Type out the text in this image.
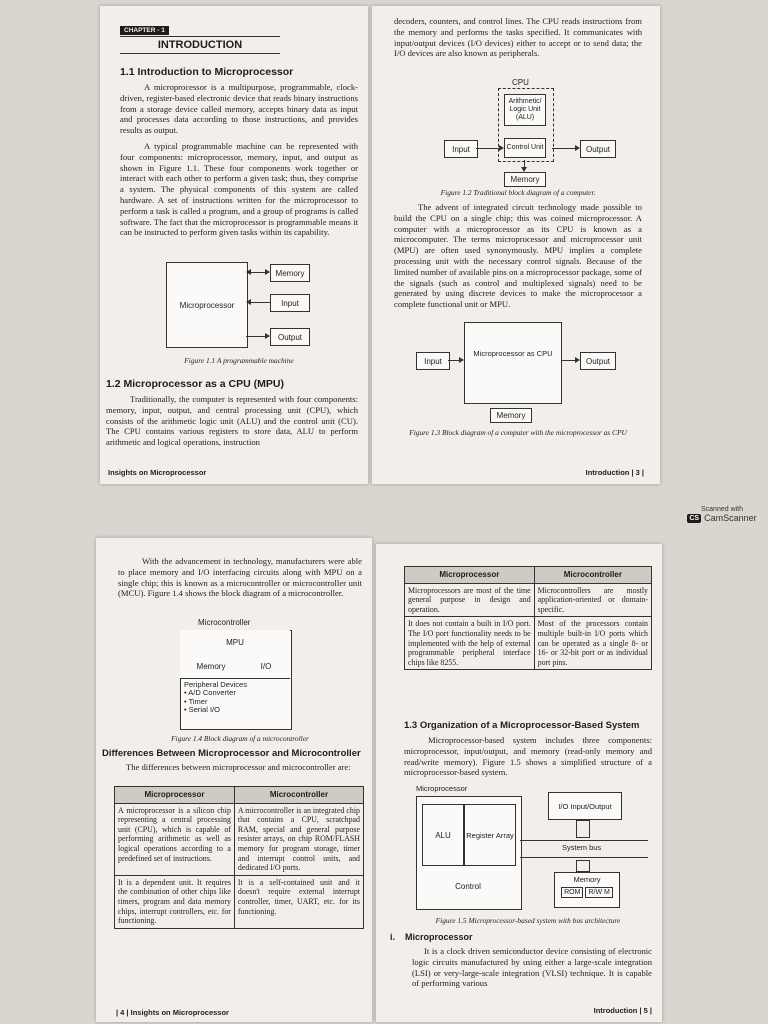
CHAPTER - 1
INTRODUCTION

1.1 Introduction to Microprocessor

A microprocessor is a multipurpose, programmable, clock-driven, register-based electronic device that reads binary instructions from a storage device called memory, accepts binary data as input and processes data according to those instructions, and provides results as output.

A typical programmable machine can be represented with four components: microprocessor, memory, input, and output as shown in Figure 1.1. These four components work together or interact with each other to perform a given task; thus, they comprise a system. The physical components of this system are called hardware. A set of instructions written for the microprocessor to perform a task is called a program, and a group of programs is called software. The fact that the microprocessor is programmable means it can be instructed to perform given tasks within its capability.

Microprocessor
Memory
Input
Output

Figure 1.1 A programmable machine

1.2 Microprocessor as a CPU (MPU)

Traditionally, the computer is represented with four components: memory, input, output, and central processing unit (CPU), which consists of the arithmetic logic unit (ALU) and the control unit (CU). The CPU contains various registers to store data, ALU to perform arithmetic and logical operations, instruction

Insights on Microprocessor

decoders, counters, and control lines. The CPU reads instructions from the memory and performs the tasks specified. It communicates with input/output devices (I/O devices) either to accept or to send data; the I/O devices are also known as peripherals.

CPU
Arithmetic/ Logic Unit (ALU)
Control Unit
Input	Output
Memory

Figure 1.2 Traditional block diagram of a computer.

The advent of integrated circuit technology made possible to build the CPU on a single chip; this was coined microprocessor. A computer with a microprocessor as its CPU is known as a microcomputer. The terms microprocessor and microprocessor unit (MPU) are often used synonymously. MPU implies a complete processing unit with the necessary control signals. Because of the limited number of available pins on a microprocessor package, some of the signals (such as control and multiplexed signals) need to be generated by using discrete devices to make the microprocessor a complete functional unit or MPU.

Input
Microprocessor as CPU
Output
Memory

Figure 1.3 Block diagram of a computer with the microprocessor as CPU

Introduction | 3 |
Scanned with
CS CamScanner

With the advancement in technology, manufacturers were able to place memory and I/O interfacing circuits along with MPU on a single chip; this is known as a microcontroller or microcontroller unit (MCU). Figure 1.4 shows the block diagram of a microcontroller.

Microcontroller
MPU
Memory	I/O
Peripheral Devices
• A/D Converter
• Timer
• Serial I/O

Figure 1.4 Block diagram of a microcontroller

Differences Between Microprocessor and Microcontroller

The differences between microprocessor and microcontroller are:

Microprocessor	Microcontroller
A microprocessor is a silicon chip representing a central processing unit (CPU), which is capable of performing arithmetic as well as logical operations according to a predefined set of instructions.	A microcontroller is an integrated chip that contains a CPU, scratchpad RAM, special and general purpose resister arrays, on chip ROM/FLASH memory for program storage, timer and interrupt control units, and dedicated I/O ports.
It is a dependent unit. It requires the combination of other chips like timers, program and data memory chips, interrupt controllers, etc. for functioning.	It is a self-contained unit and it doesn't require external interrupt controller, timer, UART, etc. for its functioning.
| 4 | Insights on Microprocessor
Microprocessor	Microcontroller
Microprocessors are most of the time general purpose in design and operation.	Microcontrollers are mostly application-oriented or domain-specific.
It does not contain a built in I/O port. The I/O port functionality needs to be implemented with the help of external programmable peripheral interface chips like 8255.	Most of the processors contain multiple built-in I/O ports which can be operated as a single 8- or 16- or 32-bit port or as individual port pins.

1.3 Organization of a Microprocessor-Based System

Microprocessor-based system includes three components: microprocessor, input/output, and memory (read-only memory and read/write memory). Figure 1.5 shows a simplified structure of a microprocessor-based system.

Microprocessor
ALU	Register Array
Control
I/O Input/Output
System bus
Memory
ROM	R/W M

Figure 1.5 Microprocessor-based system with bus architecture

i. Microprocessor

It is a clock driven semiconductor device consisting of electronic logic circuits manufactured by using either a large-scale integration (LSI) or very-large-scale integration (VLSI) technique. It is capable of performing various

Introduction | 5 |
